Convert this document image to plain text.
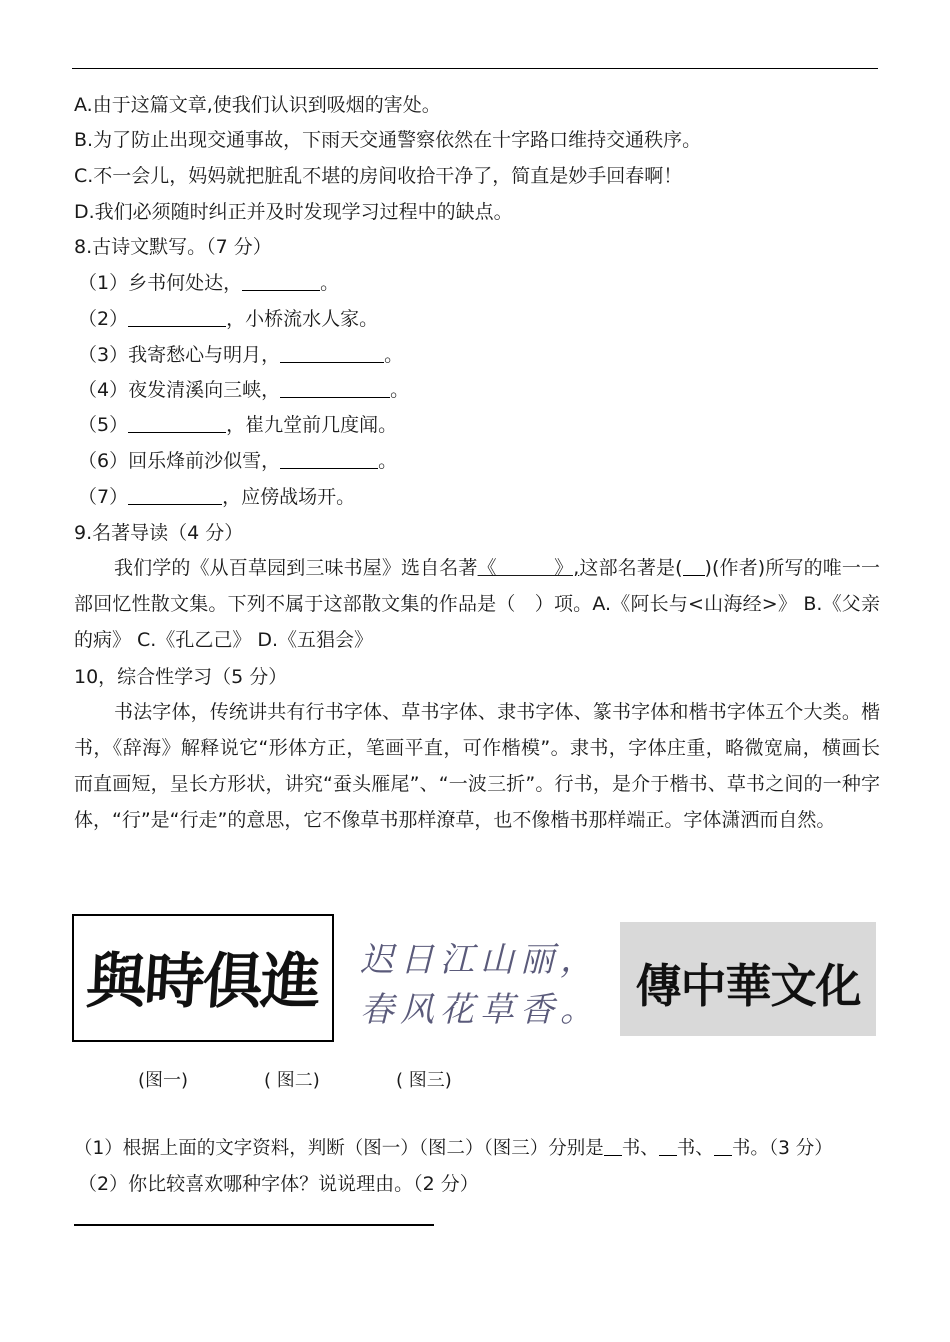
A.由于这篇文章,使我们认识到吸烟的害处。
B.为了防止出现交通事故，下雨天交通警察依然在十字路口维持交通秩序。
C.不一会儿，妈妈就把脏乱不堪的房间收拾干净了，简直是妙手回春啊！
D.我们必须随时纠正并及时发现学习过程中的缺点。
8.古诗文默写。（7 分）
（1）乡书何处达，	。
（2）	，小桥流水人家。
（3）我寄愁心与明月，	。
（4）夜发清溪向三峡，	。
（5）	，崔九堂前几度闻。
（6）回乐烽前沙似雪，	。
（7）	，应傍战场开。
9.名著导读（4 分）

我们学的《从百草园到三味书屋》选自名著《　　　》,这部名著是( )(作者)所写的唯一一部回忆性散文集。下列不属于这部散文集的作品是（　）项。A.《阿长与<山海经>》 B.《父亲的病》 C.《孔乙己》 D.《五猖会》

10，综合性学习（5 分）

书法字体，传统讲共有行书字体、草书字体、隶书字体、篆书字体和楷书字体五个大类。楷书，《辞海》解释说它“形体方正，笔画平直，可作楷模”。隶书，字体庄重，略微宽扁，横画长而直画短，呈长方形状，讲究“蚕头雁尾”、“一波三折”。行书，是介于楷书、草书之间的一种字体，“行”是“行走”的意思，它不像草书那样潦草，也不像楷书那样端正。字体潇洒而自然。

與時俱進	迟日江山丽，
春风花草香。 傳中華文化
(图一)	( 图二)	( 图三)
（1）根据上面的文字资料，判断（图一）（图二）（图三）分别是 书、 书、 书。（3 分）
（2）你比较喜欢哪种字体？说说理由。（2 分）
